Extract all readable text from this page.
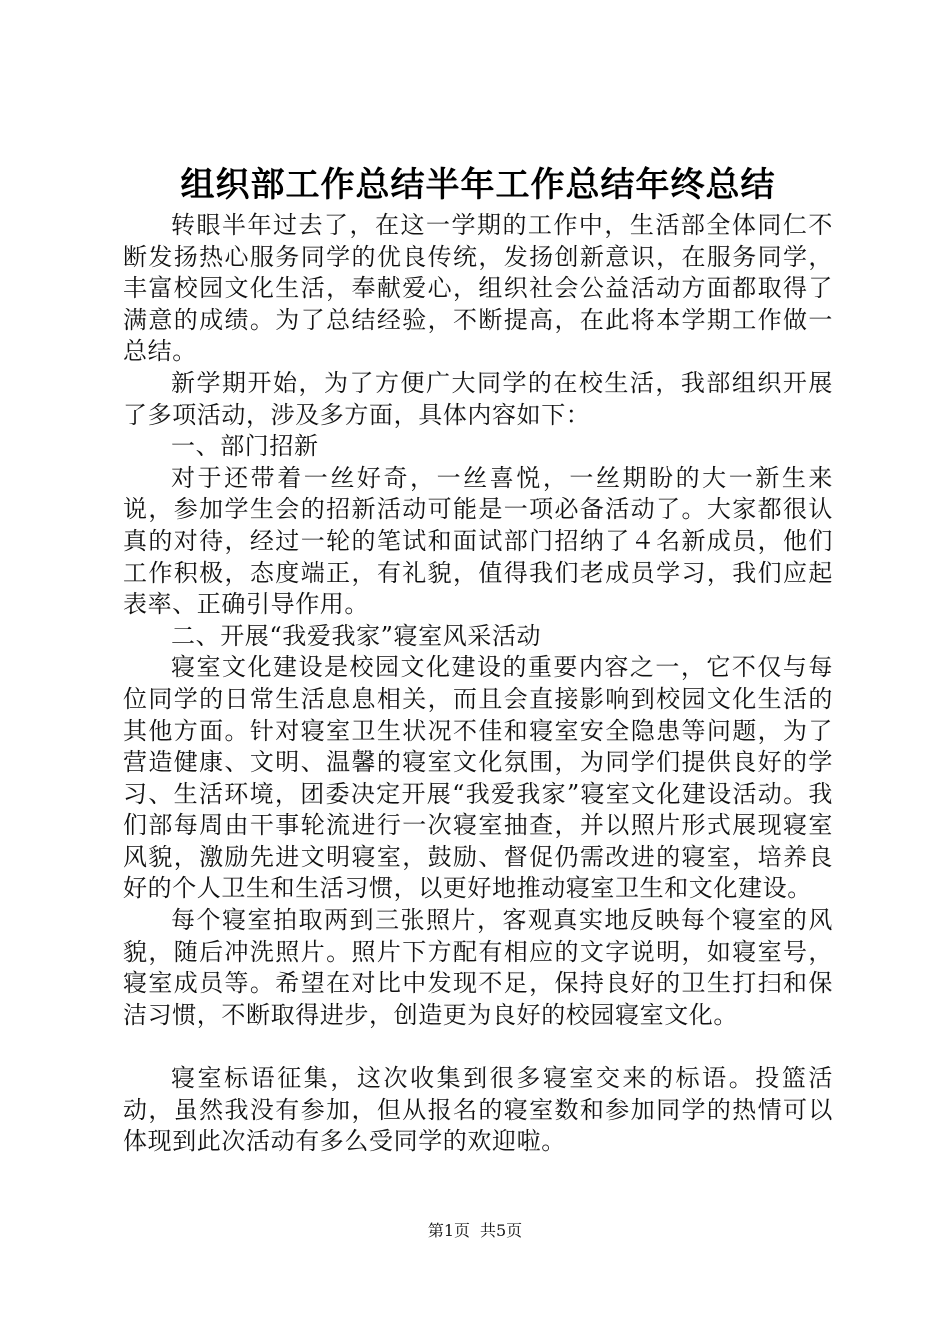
组织部工作总结半年工作总结年终总结

转眼半年过去了，在这一学期的工作中，生活部全体同仁不断发扬热心服务同学的优良传统，发扬创新意识，在服务同学，丰富校园文化生活，奉献爱心，组织社会公益活动方面都取得了满意的成绩。为了总结经验，不断提高，在此将本学期工作做一总结。

新学期开始，为了方便广大同学的在校生活，我部组织开展了多项活动，涉及多方面，具体内容如下：

一、部门招新

对于还带着一丝好奇，一丝喜悦，一丝期盼的大一新生来说，参加学生会的招新活动可能是一项必备活动了。大家都很认真的对待，经过一轮的笔试和面试部门招纳了４名新成员，他们工作积极，态度端正，有礼貌，值得我们老成员学习，我们应起表率、正确引导作用。

二、开展“我爱我家”寝室风采活动

寝室文化建设是校园文化建设的重要内容之一，它不仅与每位同学的日常生活息息相关，而且会直接影响到校园文化生活的其他方面。针对寝室卫生状况不佳和寝室安全隐患等问题，为了营造健康、文明、温馨的寝室文化氛围，为同学们提供良好的学习、生活环境，团委决定开展“我爱我家”寝室文化建设活动。我们部每周由干事轮流进行一次寝室抽查，并以照片形式展现寝室风貌，激励先进文明寝室，鼓励、督促仍需改进的寝室，培养良好的个人卫生和生活习惯，以更好地推动寝室卫生和文化建设。

每个寝室拍取两到三张照片，客观真实地反映每个寝室的风貌，随后冲洗照片。照片下方配有相应的文字说明，如寝室号，寝室成员等。希望在对比中发现不足，保持良好的卫生打扫和保洁习惯，不断取得进步，创造更为良好的校园寝室文化。

寝室标语征集，这次收集到很多寝室交来的标语。投篮活动，虽然我没有参加，但从报名的寝室数和参加同学的热情可以体现到此次活动有多么受同学的欢迎啦。

第1页 共5页
